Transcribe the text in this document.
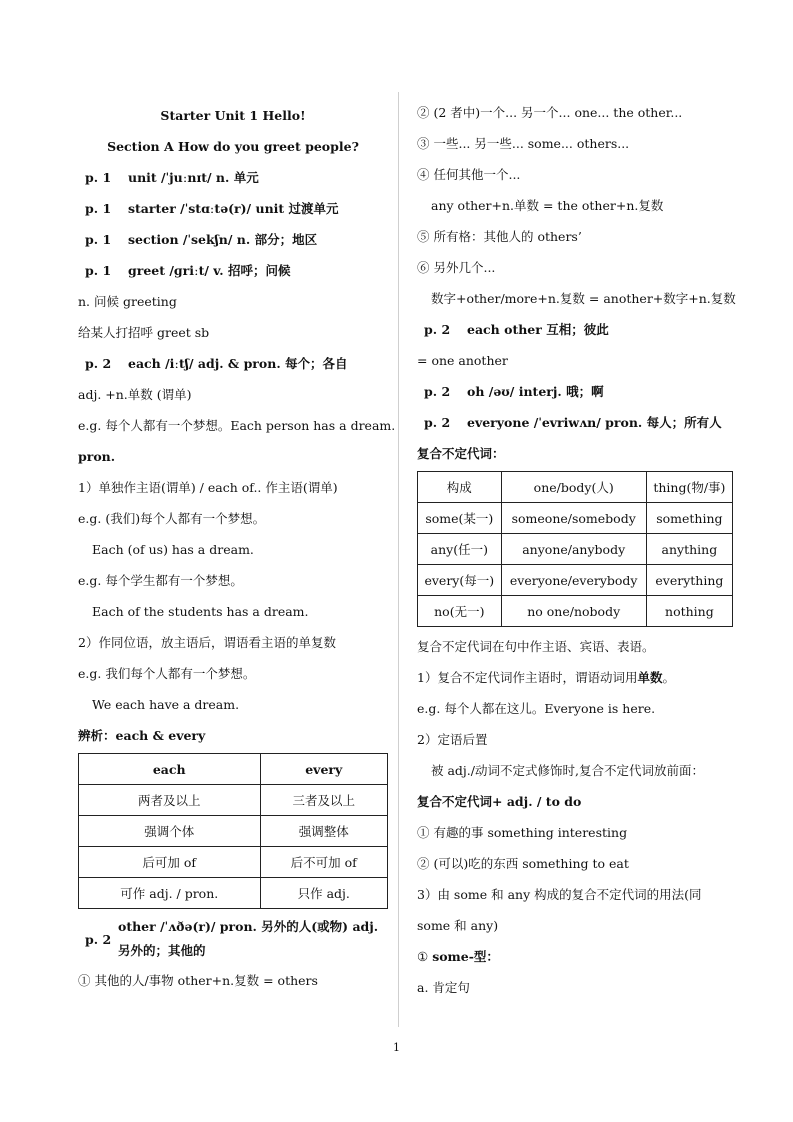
Starter Unit 1 Hello!
Section A How do you greet people?
p. 1 unit /ˈjuːnɪt/ n. 单元
p. 1 starter /ˈstɑːtə(r)/ unit 过渡单元
p. 1 section /ˈsekʃn/ n. 部分；地区
p. 1 greet /ɡriːt/ v. 招呼；问候
n. 问候 greeting
给某人打招呼 greet sb
p. 2 each /iːtʃ/ adj. & pron. 每个；各自
adj. +n.单数 (谓单)
e.g. 每个人都有一个梦想。Each person has a dream.
pron.
1）单独作主语(谓单) / each of.. 作主语(谓单)
e.g. (我们)每个人都有一个梦想。
Each (of us) has a dream.
e.g. 每个学生都有一个梦想。
Each of the students has a dream.
2）作同位语，放主语后，谓语看主语的单复数
e.g. 我们每个人都有一个梦想。
We each have a dream.
辨析：each & every
each	every
两者及以上	三者及以上
强调个体	强调整体
后可加 of	后不可加 of
可作 adj. / pron.	只作 adj.
p. 2
other /ˈʌðə(r)/ pron. 另外的人(或物) adj. 另外的；其他的
① 其他的人/事物 other+n.复数 = others
② (2 者中)一个... 另一个... one... the other...
③ 一些... 另一些... some... others...
④ 任何其他一个...
any other+n.单数 = the other+n.复数
⑤ 所有格：其他人的 others’
⑥ 另外几个...
数字+other/more+n.复数 = another+数字+n.复数
p. 2 each other 互相；彼此
= one another
p. 2 oh /əʊ/ interj. 哦；啊
p. 2 everyone /ˈevriwʌn/ pron. 每人；所有人
复合不定代词：
构成	one/body(人)	thing(物/事)
some(某一)	someone/somebody	something
any(任一)	anyone/anybody	anything
every(每一)	everyone/everybody	everything
no(无一)	no one/nobody	nothing
复合不定代词在句中作主语、宾语、表语。
1）复合不定代词作主语时，谓语动词用单数。
e.g. 每个人都在这儿。Everyone is here.
2）定语后置
被 adj./动词不定式修饰时,复合不定代词放前面：
复合不定代词+ adj. / to do
① 有趣的事 something interesting
② (可以)吃的东西 something to eat
3）由 some 和 any 构成的复合不定代词的用法(同
some 和 any)
① some-型：
a. 肯定句
1
